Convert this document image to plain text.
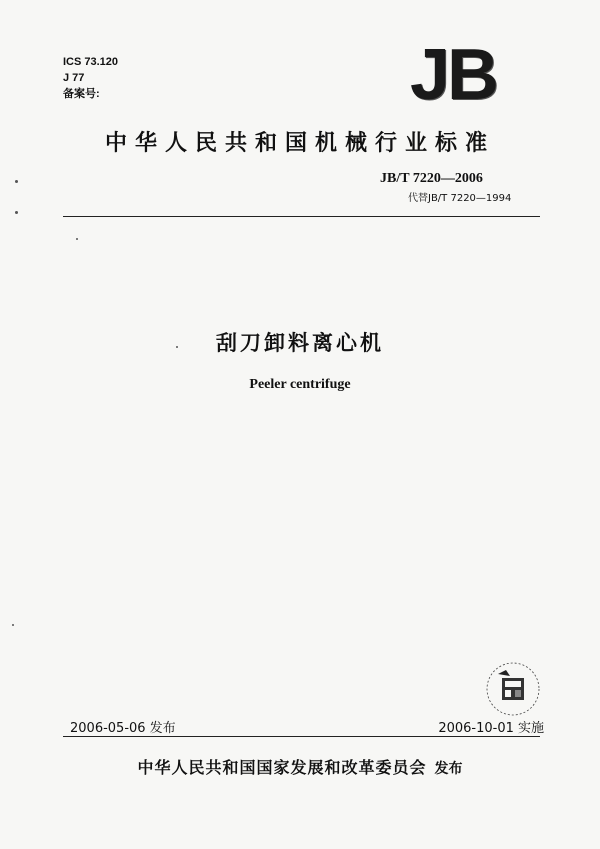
ICS 73.120
J 77
备案号:	JB
中华人民共和国机械行业标准
JB/T 7220—2006
代替JB/T 7220—1994
刮刀卸料离心机
Peeler centrifuge
2006-05-06 发布	2006-10-01 实施
中华人民共和国国家发展和改革委员会 发布
